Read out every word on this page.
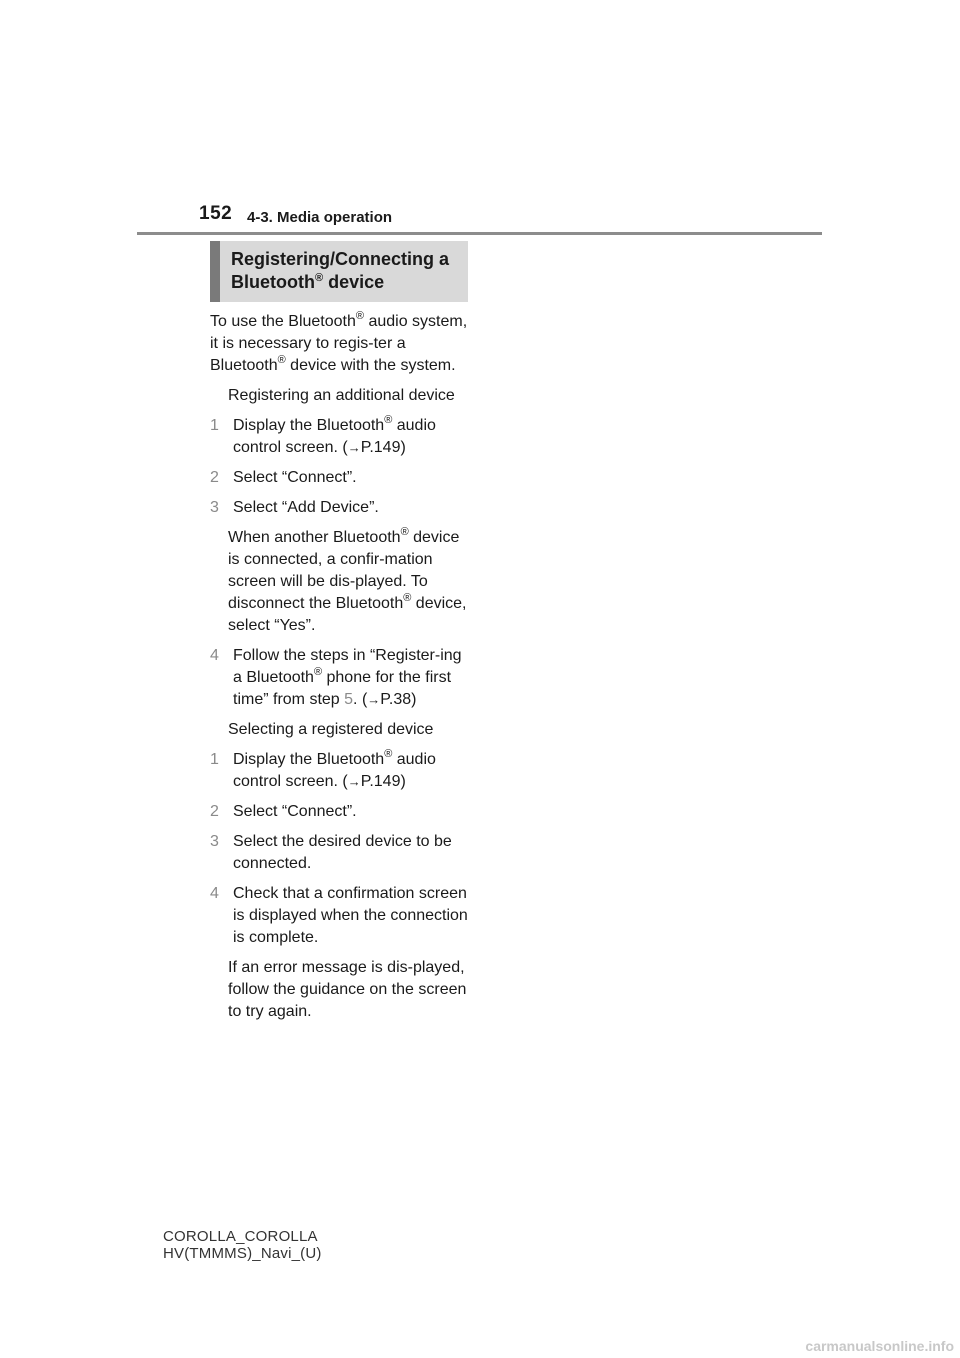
152 4-3. Media operation
Registering/Connecting a
Bluetooth® device

To use the Bluetooth® audio system, it is necessary to regis-ter a Bluetooth® device with the system.

Registering an additional device
1 Display the Bluetooth® audio control screen. (→P.149)
2 Select “Connect”.
3 Select “Add Device”.
When another Bluetooth® device is connected, a confir-mation screen will be dis-played. To disconnect the Bluetooth® device, select “Yes”.
4 Follow the steps in “Register-ing a Bluetooth® phone for the first time” from step 5. (→P.38)
Selecting a registered device
1 Display the Bluetooth® audio control screen. (→P.149)
2 Select “Connect”.
3 Select the desired device to be connected.
4 Check that a confirmation screen is displayed when the connection is complete.
If an error message is dis-played, follow the guidance on the screen to try again.
COROLLA_COROLLA
HV(TMMMS)_Navi_(U)
carmanualsonline.info
